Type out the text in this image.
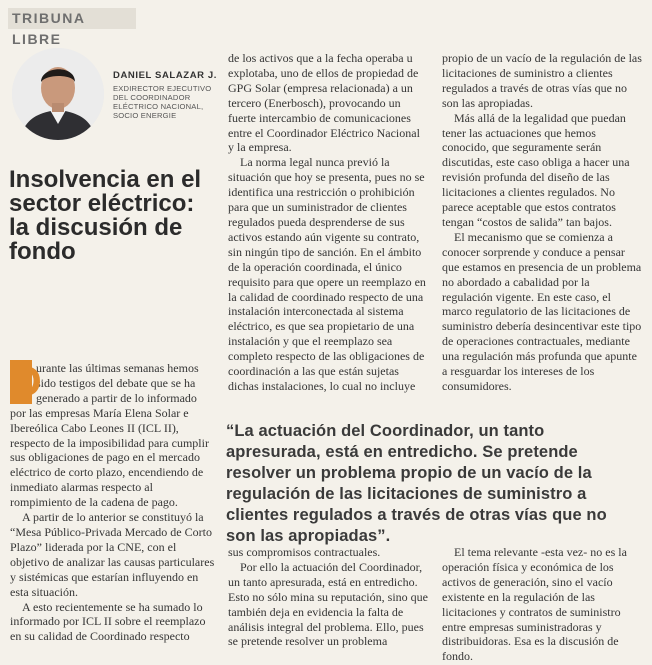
TRIBUNA LIBRE
DANIEL SALAZAR J.
EXDIRECTOR EJECUTIVO DEL COORDINADOR ELÉCTRICO NACIONAL, SOCIO ENERGIE
Insolvencia en el sector eléctrico: la discusión de fondo

D
urante las últimas semanas hemos sido testigos del debate que se ha generado a partir de lo informado por las empresas María Elena Solar e Ibereólica Cabo Leones II (ICL II), respecto de la imposibilidad para cumplir sus obligaciones de pago en el mercado eléctrico de corto plazo, encendiendo de inmediato alarmas respecto al rompimiento de la cadena de pago.

A partir de lo anterior se constituyó la “Mesa Público-Privada Mercado de Corto Plazo” liderada por la CNE, con el objetivo de analizar las causas particulares y sistémicas que estarían influyendo en esta situación.

A esto recientemente se ha sumado lo informado por ICL II sobre el reemplazo en su calidad de Coordinado respecto

de los activos que a la fecha operaba u explotaba, uno de ellos de propiedad de GPG Solar (empresa relacionada) a un tercero (Enerbosch), provocando un fuerte intercambio de comunicaciones entre el Coordinador Eléctrico Nacional y la empresa.

La norma legal nunca previó la situación que hoy se presenta, pues no se identifica una restricción o prohibición para que un suministrador de clientes regulados pueda desprenderse de sus activos estando aún vigente su contrato, sin ningún tipo de sanción. En el ámbito de la operación coordinada, el único requisito para que opere un reemplazo en la calidad de coordinado respecto de una instalación interconectada al sistema eléctrico, es que sea propietario de una instalación y que el reemplazo sea completo respecto de las obligaciones de coordinación a las que están sujetas dichas instalaciones, lo cual no incluye

propio de un vacío de la regulación de las licitaciones de suministro a clientes regulados a través de otras vías que no son las apropiadas.

Más allá de la legalidad que puedan tener las actuaciones que hemos conocido, que seguramente serán discutidas, este caso obliga a hacer una revisión profunda del diseño de las licitaciones a clientes regulados. No parece aceptable que estos contratos tengan “costos de salida” tan bajos.

El mecanismo que se comienza a conocer sorprende y conduce a pensar que estamos en presencia de un problema no abordado a cabalidad por la regulación vigente. En este caso, el marco regulatorio de las licitaciones de suministro debería desincentivar este tipo de operaciones contractuales, mediante una regulación más profunda que apunte a resguardar los intereses de los consumidores.

“La actuación del Coordinador, un tanto apresurada, está en entredicho. Se pretende resolver un problema propio de un vacío de la regulación de las licitaciones de suministro a clientes regulados a través de otras vías que no son las apropiadas”.

sus compromisos contractuales.

Por ello la actuación del Coordinador, un tanto apresurada, está en entredicho. Esto no sólo mina su reputación, sino que también deja en evidencia la falta de análisis integral del problema. Ello, pues se pretende resolver un problema

El tema relevante -esta vez- no es la operación física y económica de los activos de generación, sino el vacío existente en la regulación de las licitaciones y contratos de suministro entre empresas suministradoras y distribuidoras. Esa es la discusión de fondo.
